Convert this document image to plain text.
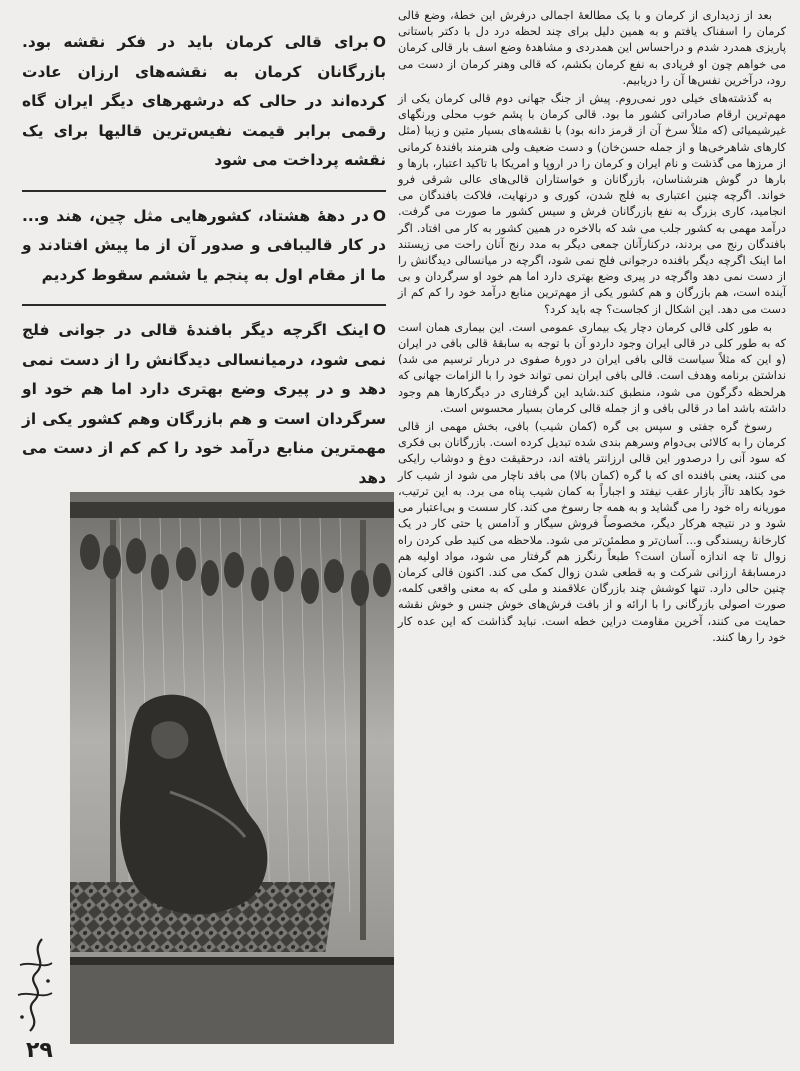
بعد از زدیداری از کرمان و با یک مطالعهٔ اجمالی درفرش این خطهٔ، وضع قالی کرمان را اسفناک یافتم و به همین دلیل برای چند لحظه درد دل با دکتر باستانی پاریزی همدرد شدم و دراحساس این همدردی و مشاهدهٔ وضع اسف بار قالی کرمان می خواهم چون او فریادی به نفع کرمان بکشم، که قالی وهنر کرمان از دست می رود، درآخرین نفس‌ها آن را دریابیم.

به گذشته‌های خیلی دور نمی‌روم. پیش از جنگ جهانی دوم قالی کرمان یکی از مهم‌ترین ارقام صادراتی کشور ما بود. قالی کرمان با پشم خوب محلی ورنگهای غیرشیمیائی (که مثلاً سرخ آن از قرمز دانه بود) با نقشه‌های بسیار متین و زیبا (مثل کارهای شاهرخی‌ها و از جمله حسن‌خان) و دست ضعیف ولی هنرمند بافندهٔ کرمانی از مرزها می گذشت و نام ایران و کرمان را در اروپا و امریکا با تاکید اعتبار، بارها و بارها در گوش هنرشناسان، بازرگانان و خواستاران قالی‌های عالی شرقی فرو خواند. اگرچه چنین اعتباری به فلج شدن، کوری و درنهایت، فلاکت بافندگان می انجامید، کاری بزرگ به نفع بازرگانان فرش و سیس کشور ما صورت می گرفت. درآمد مهمی به کشور جلب می شد که بالاخره در همین کشور به کار می افتاد. اگر بافندگان رنج می بردند، درکنارآنان جمعی دیگر به مدد رنج آنان راحت می زیستند اما اینک اگرچه دیگر بافنده درجوانی فلج نمی شود، اگرچه در میانسالی دیدگانش را از دست نمی دهد واگرچه در پیری وضع بهتری دارد اما هم خود او سرگردان و بی آینده است، هم بازرگان و هم کشور یکی از مهم‌ترین منابع درآمد خود را کم کم از دست می دهد. این اشکال از کجاست؟ چه باید کرد؟

به طور کلی قالی کرمان دچار یک بیماری عمومی است. این بیماری همان است که به طور کلی در قالی ایران وجود داردو آن با توجه به سابقهٔ قالی بافی در ایران (و این که مثلاً سیاست قالی بافی ایران در دورهٔ صفوی در دربار ترسیم می شد) نداشتن برنامه وهدف است. قالی بافی ایران نمی تواند خود را با الزامات جهانی که هرلحظه دگرگون می شود، منطبق کند.شاید این گرفتاری در دیگرکارها هم وجود داشته باشد اما در قالی بافی و از جمله قالی کرمان بسیار محسوس است.

رسوخ گره جفتی و سپس بی گره (کمان شیب) بافی، بخش مهمی از قالی کرمان را به کالائی بی‌دوام وسرهم بندی شده تبدیل کرده است. بازرگانان بی فکری که سود آنی را درصدور این قالی ارزانتر یافته اند، درحقیقت دوغ و دوشاب رایکی می کنند، یعنی بافنده ای که با گره (کمان بالا) می بافد ناچار می شود از شیب کار خود بکاهد تاآز بازار عقب نیفتد و اجباراً به کمان شیب پناه می برد. به این ترتیب، موریانه راه خود را می گشاید و به همه جا رسوخ می کند. کار سست و بی‌اعتبار می شود و در نتیجه هرکار دیگر، مخصوصاً فروش سیگار و آدامس یا حتی کار در یک کارخانهٔ ریسندگی و... آسان‌تر و مطمئن‌تر می شود. ملاحظه می کنید طی کردن راه زوال تا چه اندازه آسان است؟ طبعاً رنگرز هم گرفتار می شود، مواد اولیه هم درمسابقهٔ ارزانی شرکت و به قطعی شدن زوال کمک می کند. اکنون قالی کرمان چنین حالی دارد. تنها کوشش چند بازرگان علاقمند و ملی که به معنی واقعی کلمه، صورت اصولی بازرگانی را با ارائه و از بافت فرش‌های خوش جنس و خوش نقشه حمایت می کنند، آخرین مقاومت دراین خطه است. نباید گذاشت که این عده کار خود را رها کنند.

Oبرای قالی کرمان باید در فکر نقشه بود. بازرگانان کرمان به نقشه‌های ارزان عادت کرده‌اند در حالی که درشهرهای دیگر ایران گاه رقمی برابر قیمت نفیس‌ترین قالیها برای یک نقشه پرداخت می شود

Oدر دههٔ هشتاد، کشورهایی مثل چین، هند و... در کار قالیبافی و صدور آن از ما پیش افتادند و ما از مقام اول به پنجم یا ششم سقوط کردیم

Oاینک اگرچه دیگر بافندهٔ قالی در جوانی فلج نمی شود، درمیانسالی دیدگانش را از دست نمی دهد و در پیری وضع بهتری دارد اما هم خود او سرگردان است و هم بازرگان وهم کشور یکی از مهمترین منابع درآمد خود را کم کم از دست می دهد

۲۹
